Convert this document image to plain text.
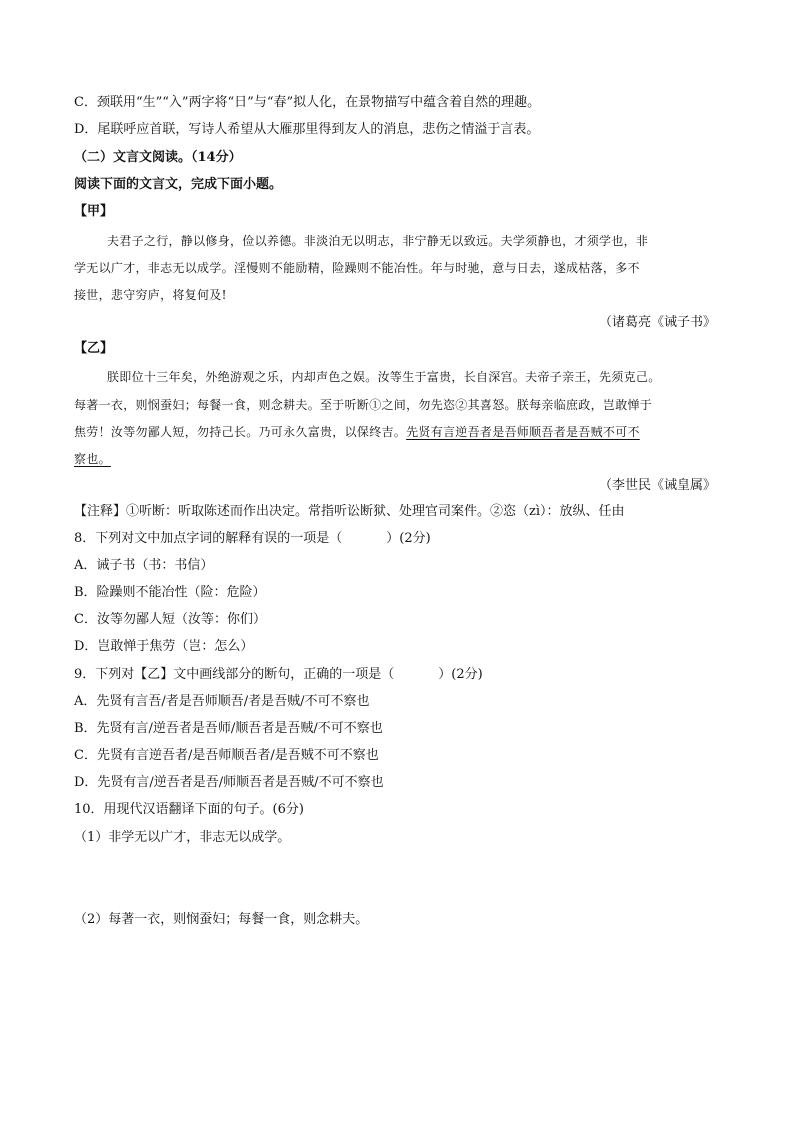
C．颈联用“生”“入”两字将“日”与“春”拟人化，在景物描写中蕴含着自然的理趣。
D．尾联呼应首联，写诗人希望从大雁那里得到友人的消息，悲伤之情溢于言表。
（二）文言文阅读。（14分）
阅读下面的文言文，完成下面小题。
【甲】
夫君子之行，静以修身，俭以养德。非淡泊无以明志，非宁静无以致远。夫学须静也，才须学也，非
学无以广才，非志无以成学。淫慢则不能励精，险躁则不能冶性。年与时驰，意与日去，遂成枯落，多不
接世，悲守穷庐，将复何及!
（诸葛亮《诫子书》
【乙】
朕即位十三年矣，外绝游观之乐，内却声色之娱。汝等生于富贵，长自深宫。夫帝子亲王，先须克己。
每著一衣，则悯蚕妇；每餐一食，则念耕夫。至于听断①之间，勿先恣②其喜怒。朕每亲临庶政，岂敢惮于
焦劳！汝等勿鄙人短，勿持己长。乃可永久富贵，以保终吉。先贤有言逆吾者是吾师顺吾者是吾贼不可不
察也。
（李世民《诫皇属》
【注释】①听断：听取陈述而作出决定。常指听讼断狱、处理官司案件。②恣（zì）：放纵、任由
8．下列对文中加点字词的解释有误的一项是（	）(2分)
A．诫子书（书：书信）
B．险躁则不能冶性（险：危险）
C．汝等勿鄙人短（汝等：你们）
D．岂敢惮于焦劳（岂：怎么）
9．下列对【乙】文中画线部分的断句，正确的一项是（	）(2分)
A．先贤有言吾/者是吾师顺吾/者是吾贼/不可不察也
B．先贤有言/逆吾者是吾师/顺吾者是吾贼/不可不察也
C．先贤有言逆吾者/是吾师顺吾者/是吾贼不可不察也
D．先贤有言/逆吾者是吾/师顺吾者是吾贼/不可不察也
10．用现代汉语翻译下面的句子。(6分)
（1）非学无以广才，非志无以成学。
（2）每著一衣，则悯蚕妇；每餐一食，则念耕夫。
